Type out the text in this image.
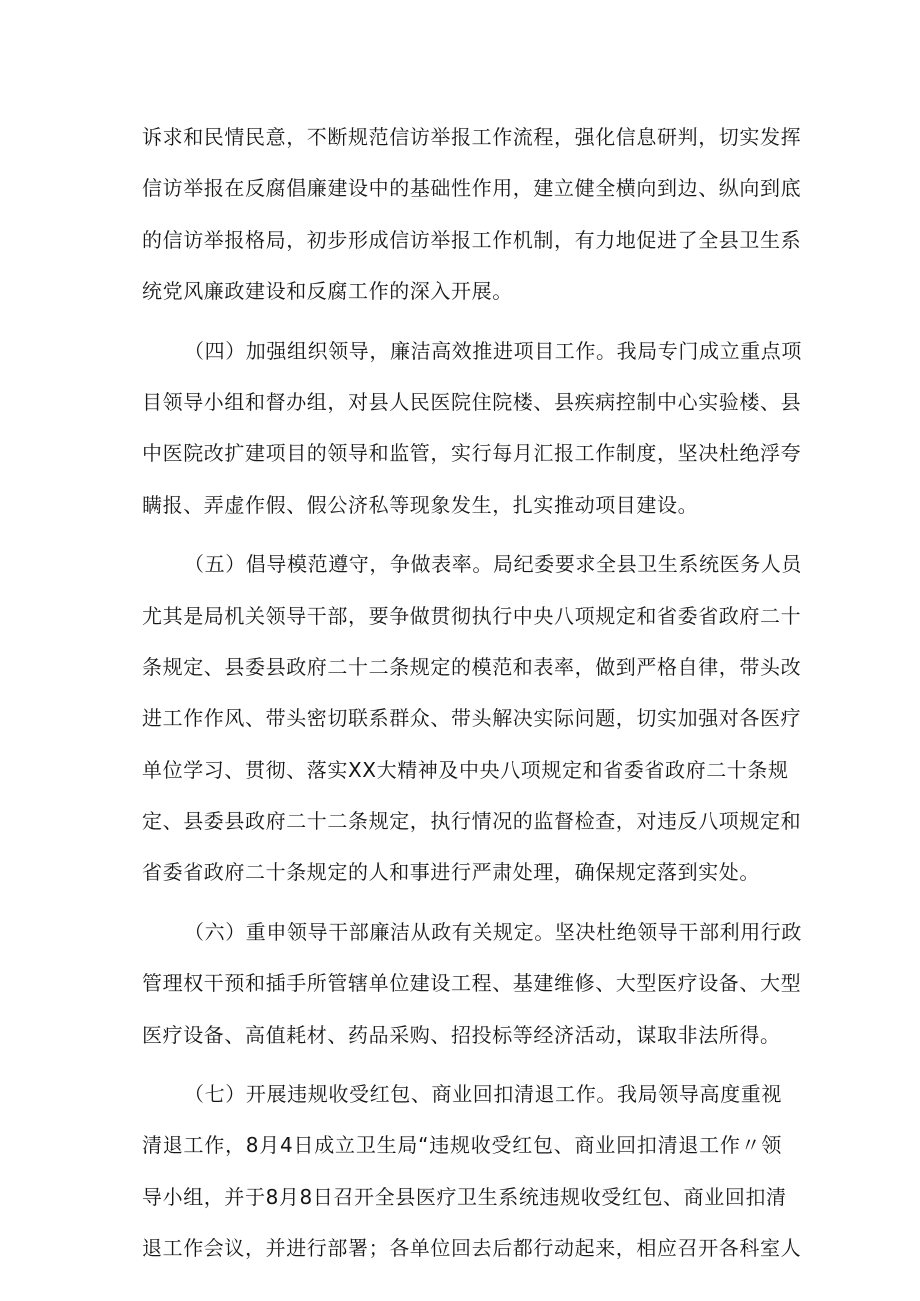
诉求和民情民意，不断规范信访举报工作流程，强化信息研判，切实发挥
信访举报在反腐倡廉建设中的基础性作用，建立健全横向到边、纵向到底
的信访举报格局，初步形成信访举报工作机制，有力地促进了全县卫生系
统党风廉政建设和反腐工作的深入开展。
（四）加强组织领导，廉洁高效推进项目工作。我局专门成立重点项
目领导小组和督办组，对县人民医院住院楼、县疾病控制中心实验楼、县
中医院改扩建项目的领导和监管，实行每月汇报工作制度，坚决杜绝浮夸
瞒报、弄虚作假、假公济私等现象发生，扎实推动项目建设。
（五）倡导模范遵守，争做表率。局纪委要求全县卫生系统医务人员
尤其是局机关领导干部，要争做贯彻执行中央八项规定和省委省政府二十
条规定、县委县政府二十二条规定的模范和表率，做到严格自律，带头改
进工作作风、带头密切联系群众、带头解决实际问题，切实加强对各医疗
单位学习、贯彻、落实XX大精神及中央八项规定和省委省政府二十条规
定、县委县政府二十二条规定，执行情况的监督检查，对违反八项规定和
省委省政府二十条规定的人和事进行严肃处理，确保规定落到实处。
（六）重申领导干部廉洁从政有关规定。坚决杜绝领导干部利用行政
管理权干预和插手所管辖单位建设工程、基建维修、大型医疗设备、大型
医疗设备、高值耗材、药品采购、招投标等经济活动，谋取非法所得。
（七）开展违规收受红包、商业回扣清退工作。我局领导高度重视
清退工作，8月4日成立卫生局“违规收受红包、商业回扣清退工作〃领
导小组，并于8月8日召开全县医疗卫生系统违规收受红包、商业回扣清
退工作会议，并进行部署；各单位回去后都行动起来，相应召开各科室人
